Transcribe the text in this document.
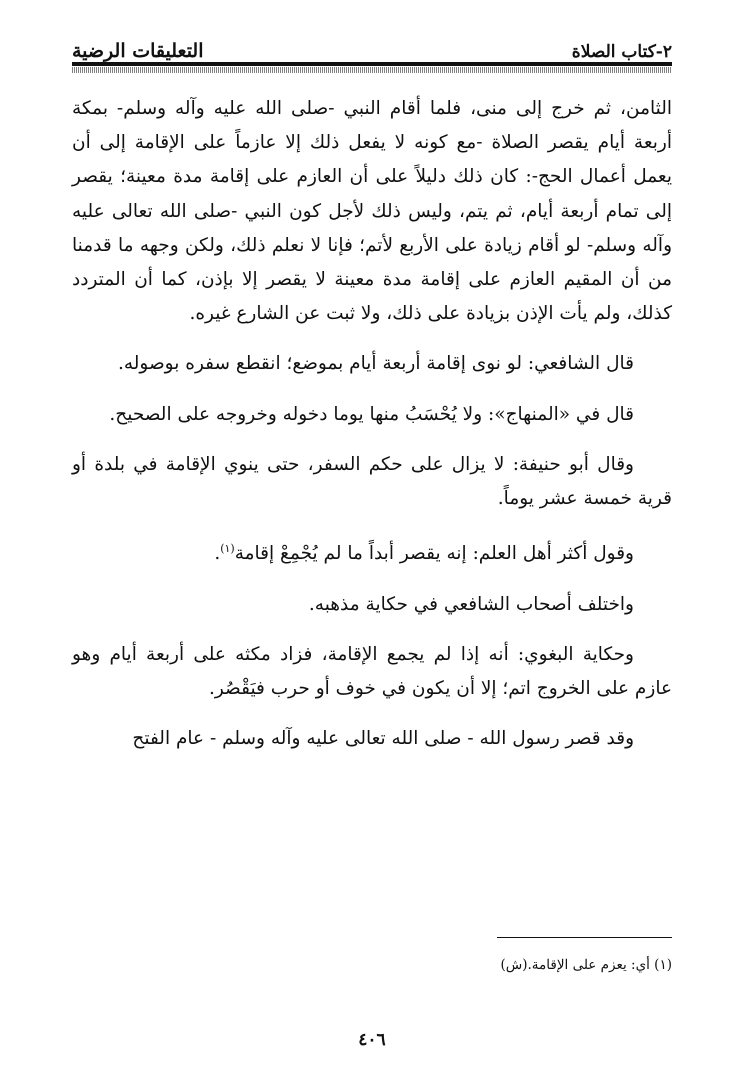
٢-كتاب الصلاة
التعليقات الرضية

الثامن، ثم خرج إلى منى، فلما أقام النبي -صلى الله عليه وآله وسلم- بمكة أربعة أيام يقصر الصلاة -مع كونه لا يفعل ذلك إلا عازماً على الإقامة إلى أن يعمل أعمال الحج-: كان ذلك دليلاً على أن العازم على إقامة مدة معينة؛ يقصر إلى تمام أربعة أيام، ثم يتم، وليس ذلك لأجل كون النبي -صلى الله تعالى عليه وآله وسلم- لو أقام زيادة على الأربع لأتم؛ فإنا لا نعلم ذلك، ولكن وجهه ما قدمنا من أن المقيم العازم على إقامة مدة معينة لا يقصر إلا بإذن، كما أن المتردد كذلك، ولم يأت الإذن بزيادة على ذلك، ولا ثبت عن الشارع غيره.

قال الشافعي: لو نوى إقامة أربعة أيام بموضع؛ انقطع سفره بوصوله.

قال في «المنهاج»: ولا يُحْسَبُ منها يوما دخوله وخروجه على الصحيح.

وقال أبو حنيفة: لا يزال على حكم السفر، حتى ينوي الإقامة في بلدة أو قرية خمسة عشر يوماً.

وقول أكثر أهل العلم: إنه يقصر أبداً ما لم يُجْمِعْ إقامة$^{(١)}$.

واختلف أصحاب الشافعي في حكاية مذهبه.

وحكاية البغوي: أنه إذا لم يجمع الإقامة، فزاد مكثه على أربعة أيام وهو عازم على الخروج اتم؛ إلا أن يكون في خوف أو حرب فيَقْصُر.

وقد قصر رسول الله - صلى الله تعالى عليه وآله وسلم - عام الفتح

(١) أي: يعزم على الإقامة.(ش)
٤٠٦
